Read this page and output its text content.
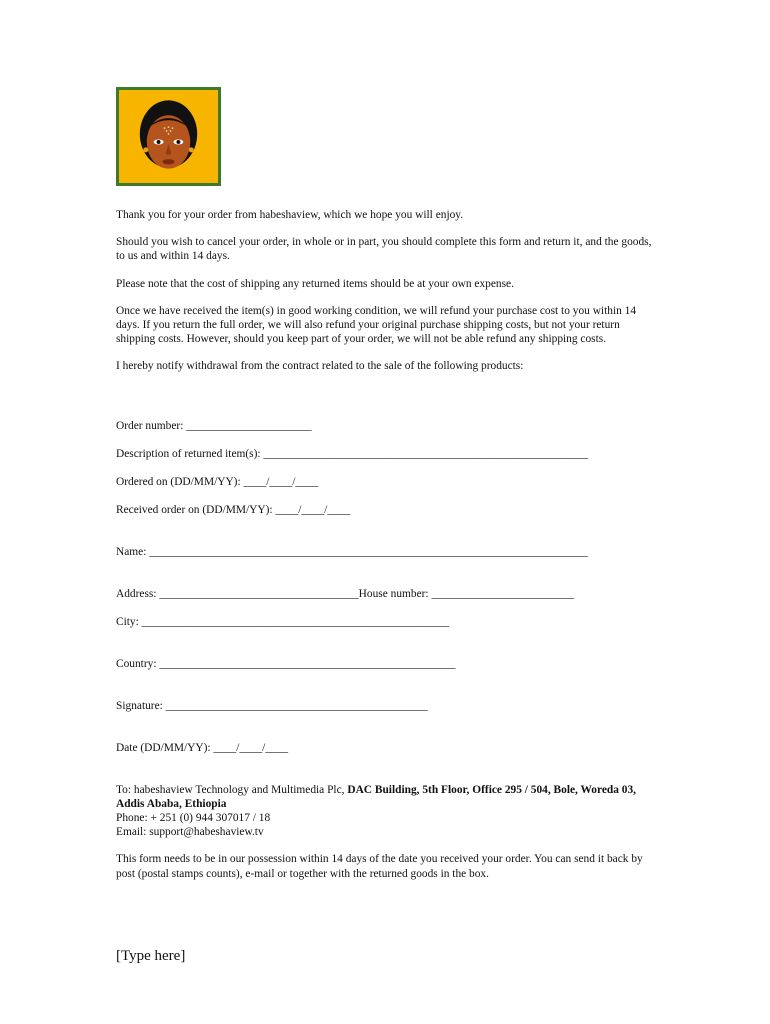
Thank you for your order from habeshaview, which we hope you will enjoy.

Should you wish to cancel your order, in whole or in part, you should complete this form and return it, and the goods, to us and within 14 days.

Please note that the cost of shipping any returned items should be at your own expense.

Once we have received the item(s) in good working condition, we will refund your purchase cost to you within 14 days. If you return the full order, we will also refund your original purchase shipping costs, but not your return shipping costs. However, should you keep part of your order, we will not be able refund any shipping costs.

I hereby notify withdrawal from the contract related to the sale of the following products:

Order number: ______________________
Description of returned item(s): _________________________________________________________
Ordered on (DD/MM/YY): ____/____/____
Received order on (DD/MM/YY): ____/____/____
Name: _____________________________________________________________________________
Address: ___________________________________House number: _________________________
City: ______________________________________________________
Country: ____________________________________________________
Signature: ______________________________________________
Date (DD/MM/YY): ____/____/____

To: habeshaview Technology and Multimedia Plc, DAC Building, 5th Floor, Office 295 / 504, Bole, Woreda 03, Addis Ababa, Ethiopia

Phone: + 251 (0) 944 307017 / 18

Email: support@habeshaview.tv

This form needs to be in our possession within 14 days of the date you received your order. You can send it back by post (postal stamps counts), e-mail or together with the returned goods in the box.

[Type here]
